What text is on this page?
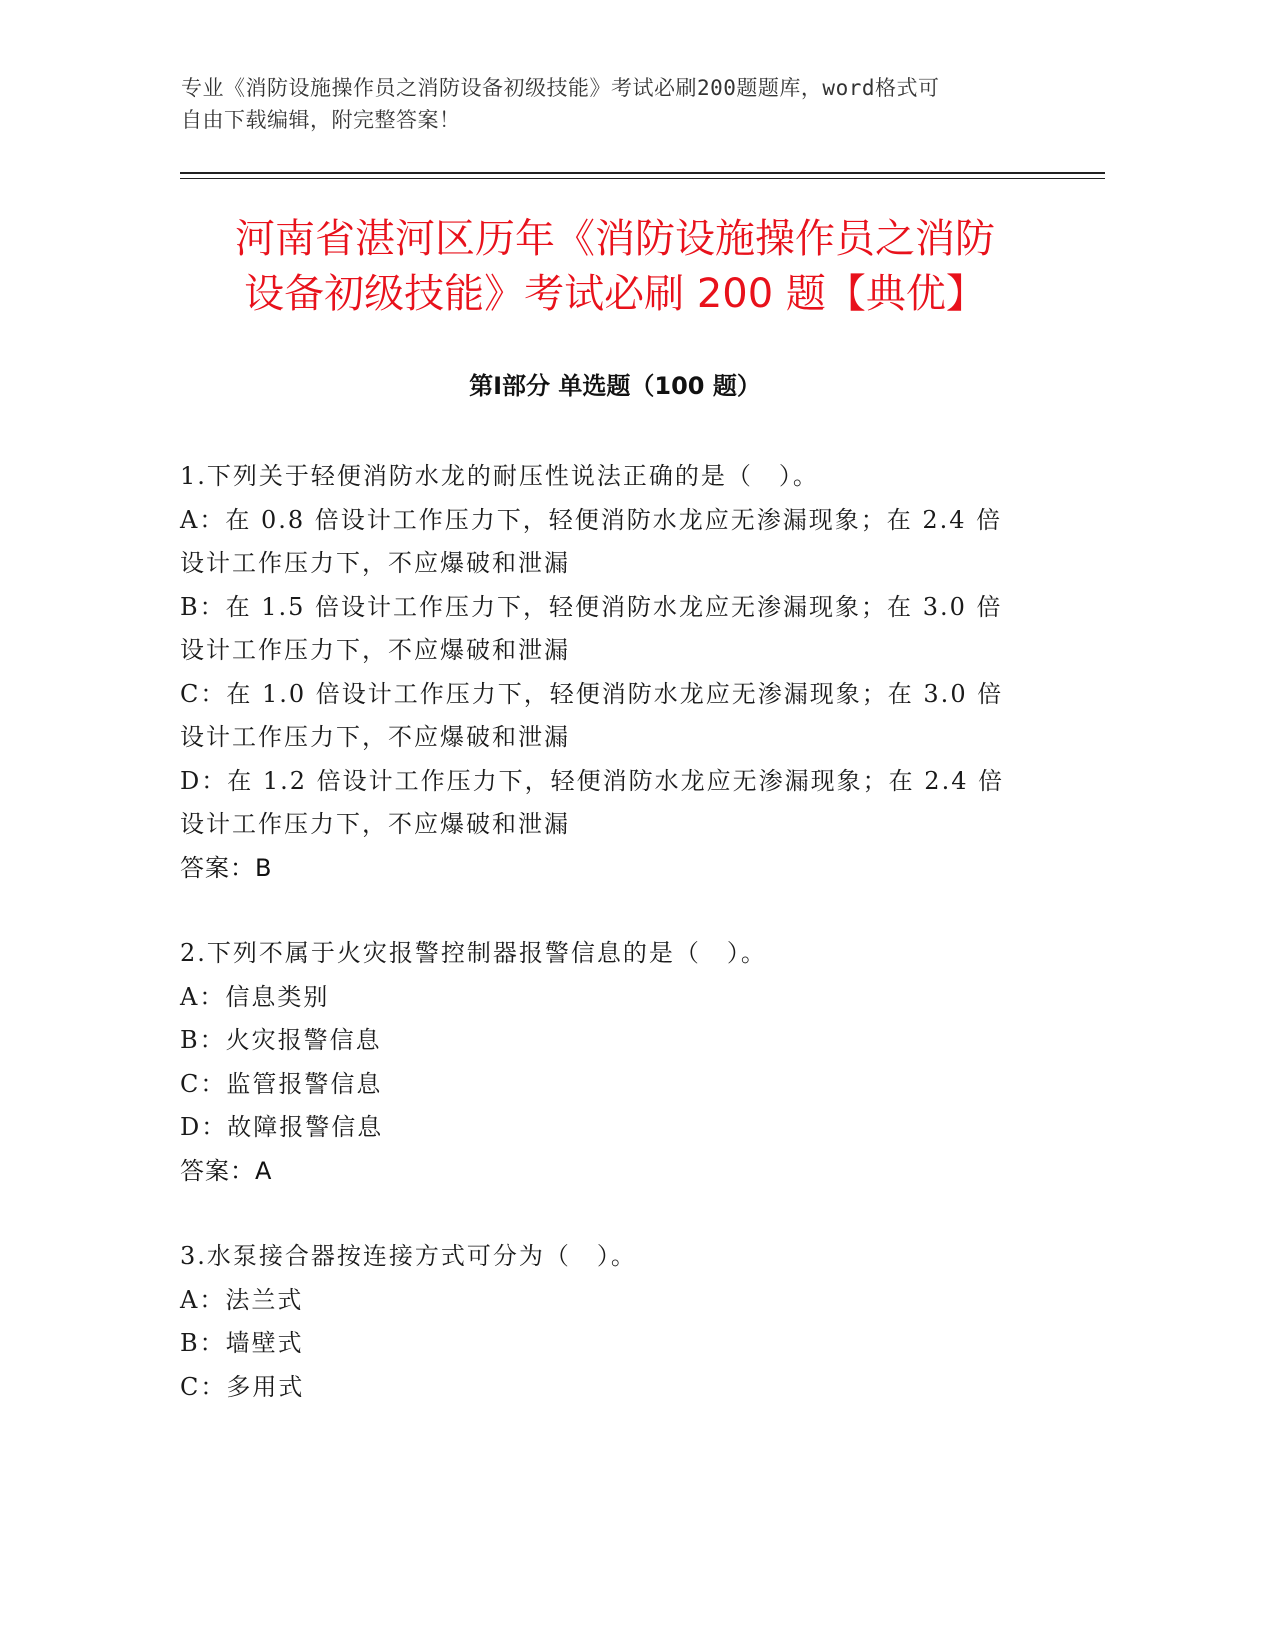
专业《消防设施操作员之消防设备初级技能》考试必刷200题题库，word格式可
自由下载编辑，附完整答案！
河南省湛河区历年《消防设施操作员之消防
设备初级技能》考试必刷 200 题【典优】
第Ⅰ部分 单选题（100 题）
1.下列关于轻便消防水龙的耐压性说法正确的是（　）。
A：在 0.8 倍设计工作压力下，轻便消防水龙应无渗漏现象；在 2.4 倍
设计工作压力下，不应爆破和泄漏
B：在 1.5 倍设计工作压力下，轻便消防水龙应无渗漏现象；在 3.0 倍
设计工作压力下，不应爆破和泄漏
C：在 1.0 倍设计工作压力下，轻便消防水龙应无渗漏现象；在 3.0 倍
设计工作压力下，不应爆破和泄漏
D：在 1.2 倍设计工作压力下，轻便消防水龙应无渗漏现象；在 2.4 倍
设计工作压力下，不应爆破和泄漏
答案：B
2.下列不属于火灾报警控制器报警信息的是（　）。
A：信息类别
B：火灾报警信息
C：监管报警信息
D：故障报警信息
答案：A
3.水泵接合器按连接方式可分为（　）。
A：法兰式
B：墙壁式
C：多用式
